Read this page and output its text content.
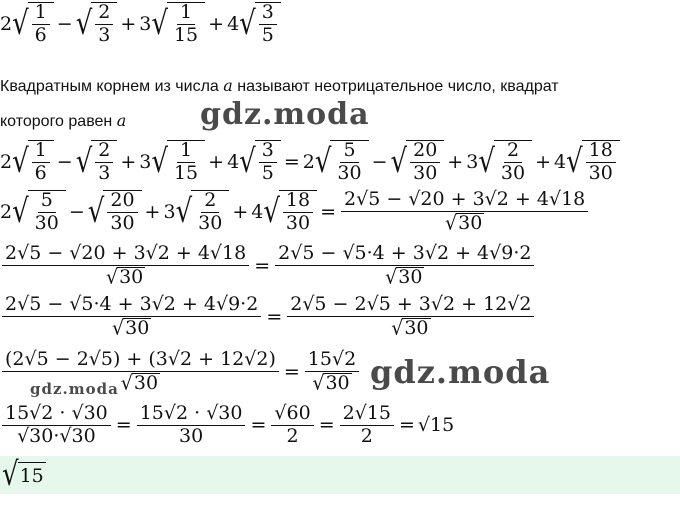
2 √ $\frac{1}{6}$ − √ $\frac{2}{3} + 3$ √ $\frac{1}{15} + 4$ √ $\frac{3}{5}$
Квадратным корнем из числа a называют неотрицательное число, квадрат
которого равен a
2 √ $\frac{1}{6}$ − √ $\frac{2}{3} + 3$ √ $\frac{1}{15} + 4$ √ $\frac{3}{5} = 2$ √ $\frac{5}{30}$ − √ $\frac{20}{30} + 3$ √ $\frac{2}{30} + 4$ √ $\frac{18}{30}$
2 √ $\frac{5}{30}$ − √ $\frac{20}{30} + 3$ √ $\frac{2}{30} + 4$ √ $\frac{18}{30} = \frac{2√5 - √20 + 3√2 + 4√18}{√ 30}$
$\frac{2√5 - √20 + 3√2 + 4√18}{√ 30} = \frac{2√5 - √5\cdot 4 + 3√2 + 4√9\cdot 2}{√ 30}$
$\frac{2√5 - √5\cdot 4 + 3√2 + 4√9\cdot 2}{√ 30} = \frac{2√5 - 2√5 + 3√2 + 12√2}{√ 30}$
$\frac{(2√5 - 2√5) + (3√2 + 12√2)}{√ 30} = \frac{15√2}{√ 30}$
$\frac{15√2 \cdot √30}{√30\cdot√30} = \frac{15√2 \cdot √30}{30} = \frac{√60}{2} = \frac{2√15}{2} = √15$
√ 15
gdz.moda
gdz.moda
gdz.moda
